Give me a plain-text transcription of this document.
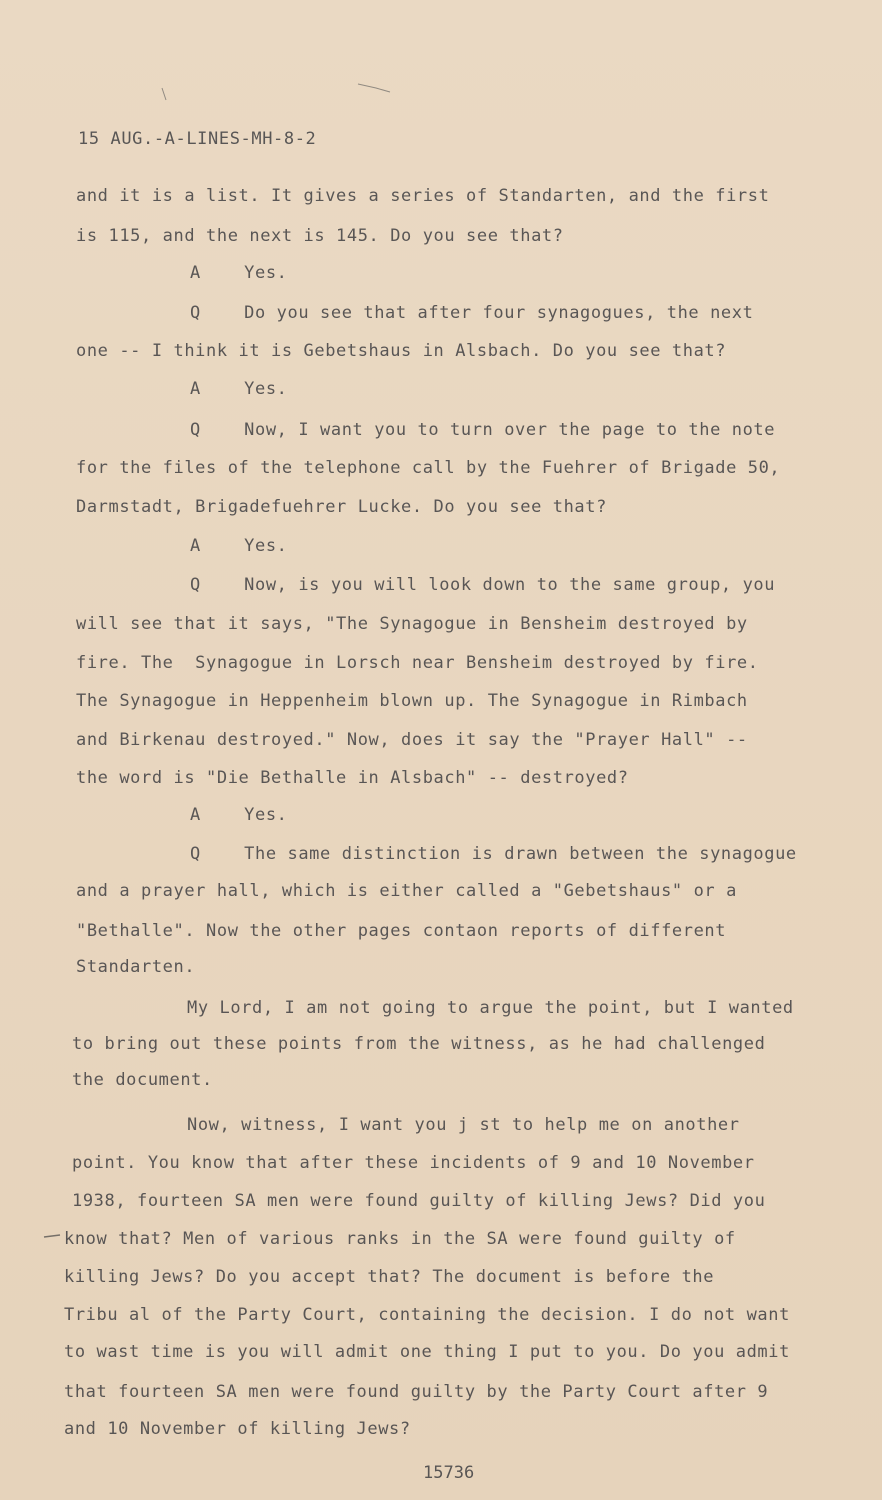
15 AUG.-A-LINES-MH-8-2
and it is a list. It gives a series of Standarten, and the first
is 115, and the next is 145. Do you see that?
A    Yes.
Q    Do you see that after four synagogues, the next
one -- I think it is Gebetshaus in Alsbach. Do you see that?
A    Yes.
Q    Now, I want you to turn over the page to the note
for the files of the telephone call by the Fuehrer of Brigade 50,
Darmstadt, Brigadefuehrer Lucke. Do you see that?
A    Yes.
Q    Now, is you will look down to the same group, you
will see that it says, "The Synagogue in Bensheim destroyed by
fire. The  Synagogue in Lorsch near Bensheim destroyed by fire.
The Synagogue in Heppenheim blown up. The Synagogue in Rimbach
and Birkenau destroyed." Now, does it say the "Prayer Hall" --
the word is "Die Bethalle in Alsbach" -- destroyed?
A    Yes.
Q    The same distinction is drawn between the synagogue
and a prayer hall, which is either called a "Gebetshaus" or a
"Bethalle". Now the other pages contaon reports of different
Standarten.
My Lord, I am not going to argue the point, but I wanted
to bring out these points from the witness, as he had challenged
the document.
Now, witness, I want you j st to help me on another
point. You know that after these incidents of 9 and 10 November
1938, fourteen SA men were found guilty of killing Jews? Did you
know that? Men of various ranks in the SA were found guilty of
killing Jews? Do you accept that? The document is before the
Tribu al of the Party Court, containing the decision. I do not want
to wast time is you will admit one thing I put to you. Do you admit
that fourteen SA men were found guilty by the Party Court after 9
and 10 November of killing Jews?
15736
